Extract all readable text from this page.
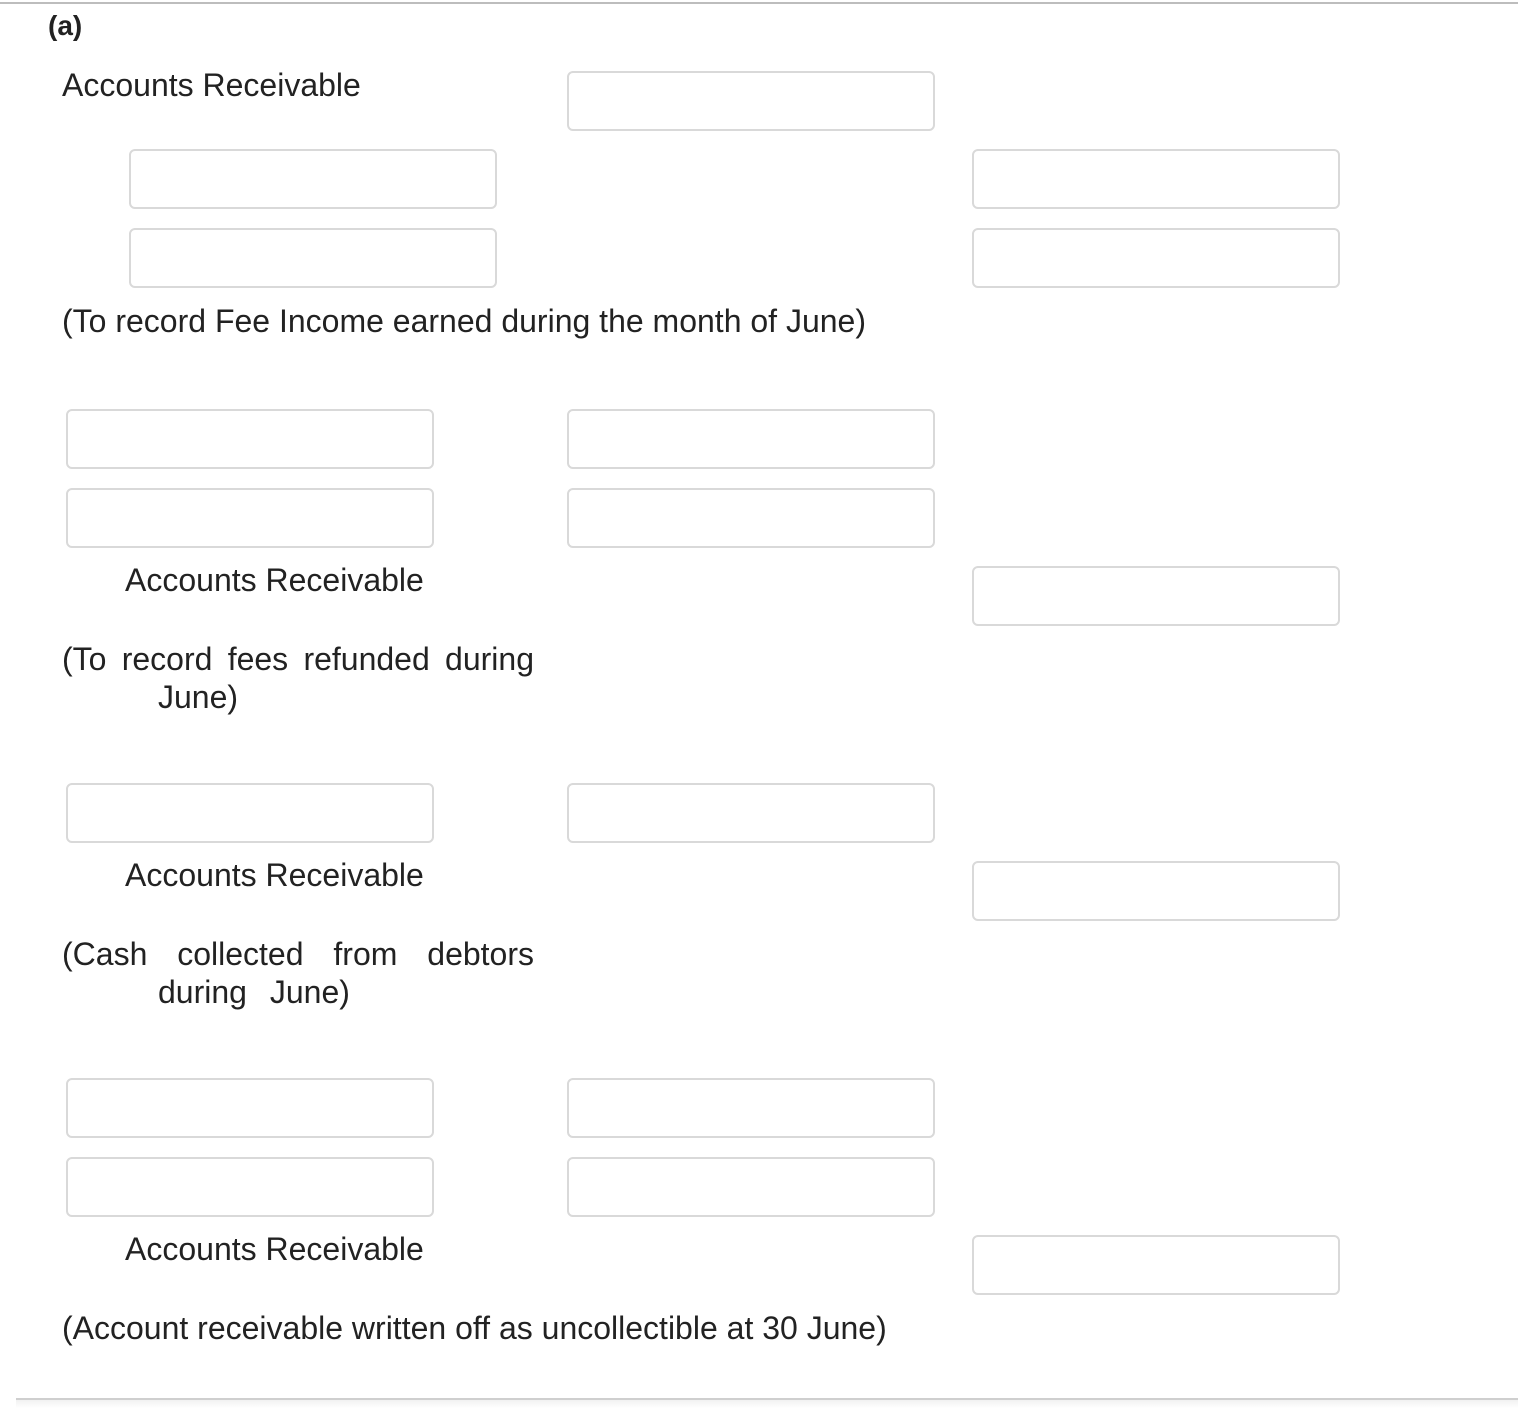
(a)
Accounts Receivable
(To record Fee Income earned during the month of June)
Accounts Receivable
(To record fees refunded during June)
Accounts Receivable
(Cash collected from debtors during June)
Accounts Receivable
(Account receivable written off as uncollectible at 30 June)
